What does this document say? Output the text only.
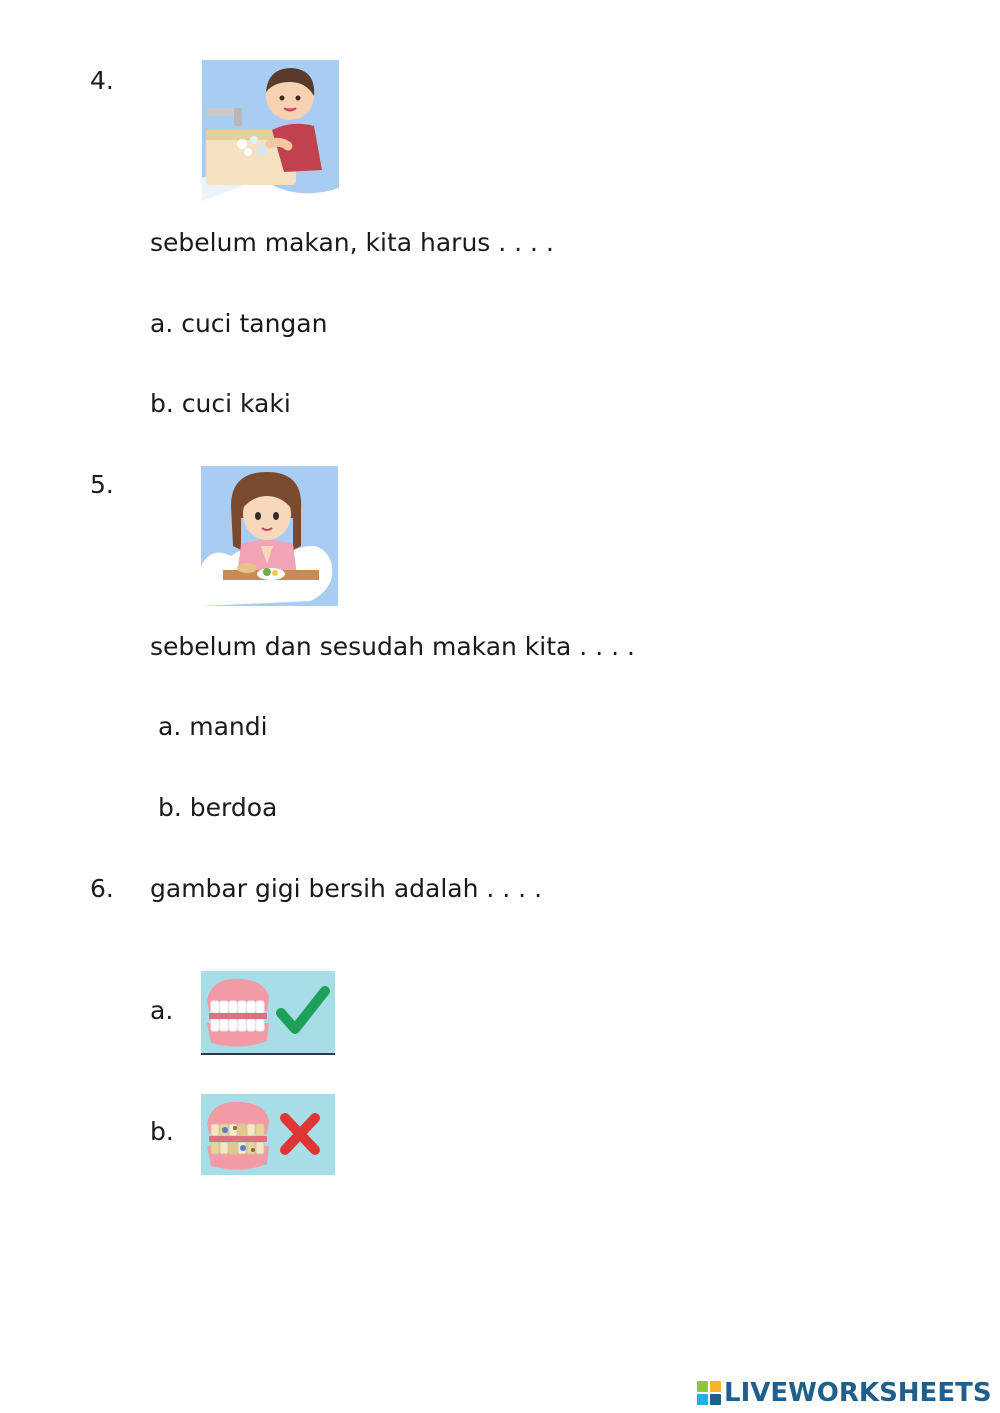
4.
sebelum makan, kita harus . . . .
a. cuci tangan
b. cuci kaki
5.
sebelum dan sesudah makan kita . . . .
a. mandi
b. berdoa
6. gambar gigi bersih adalah . . . .
a.
b.
LIVEWORKSHEETS
